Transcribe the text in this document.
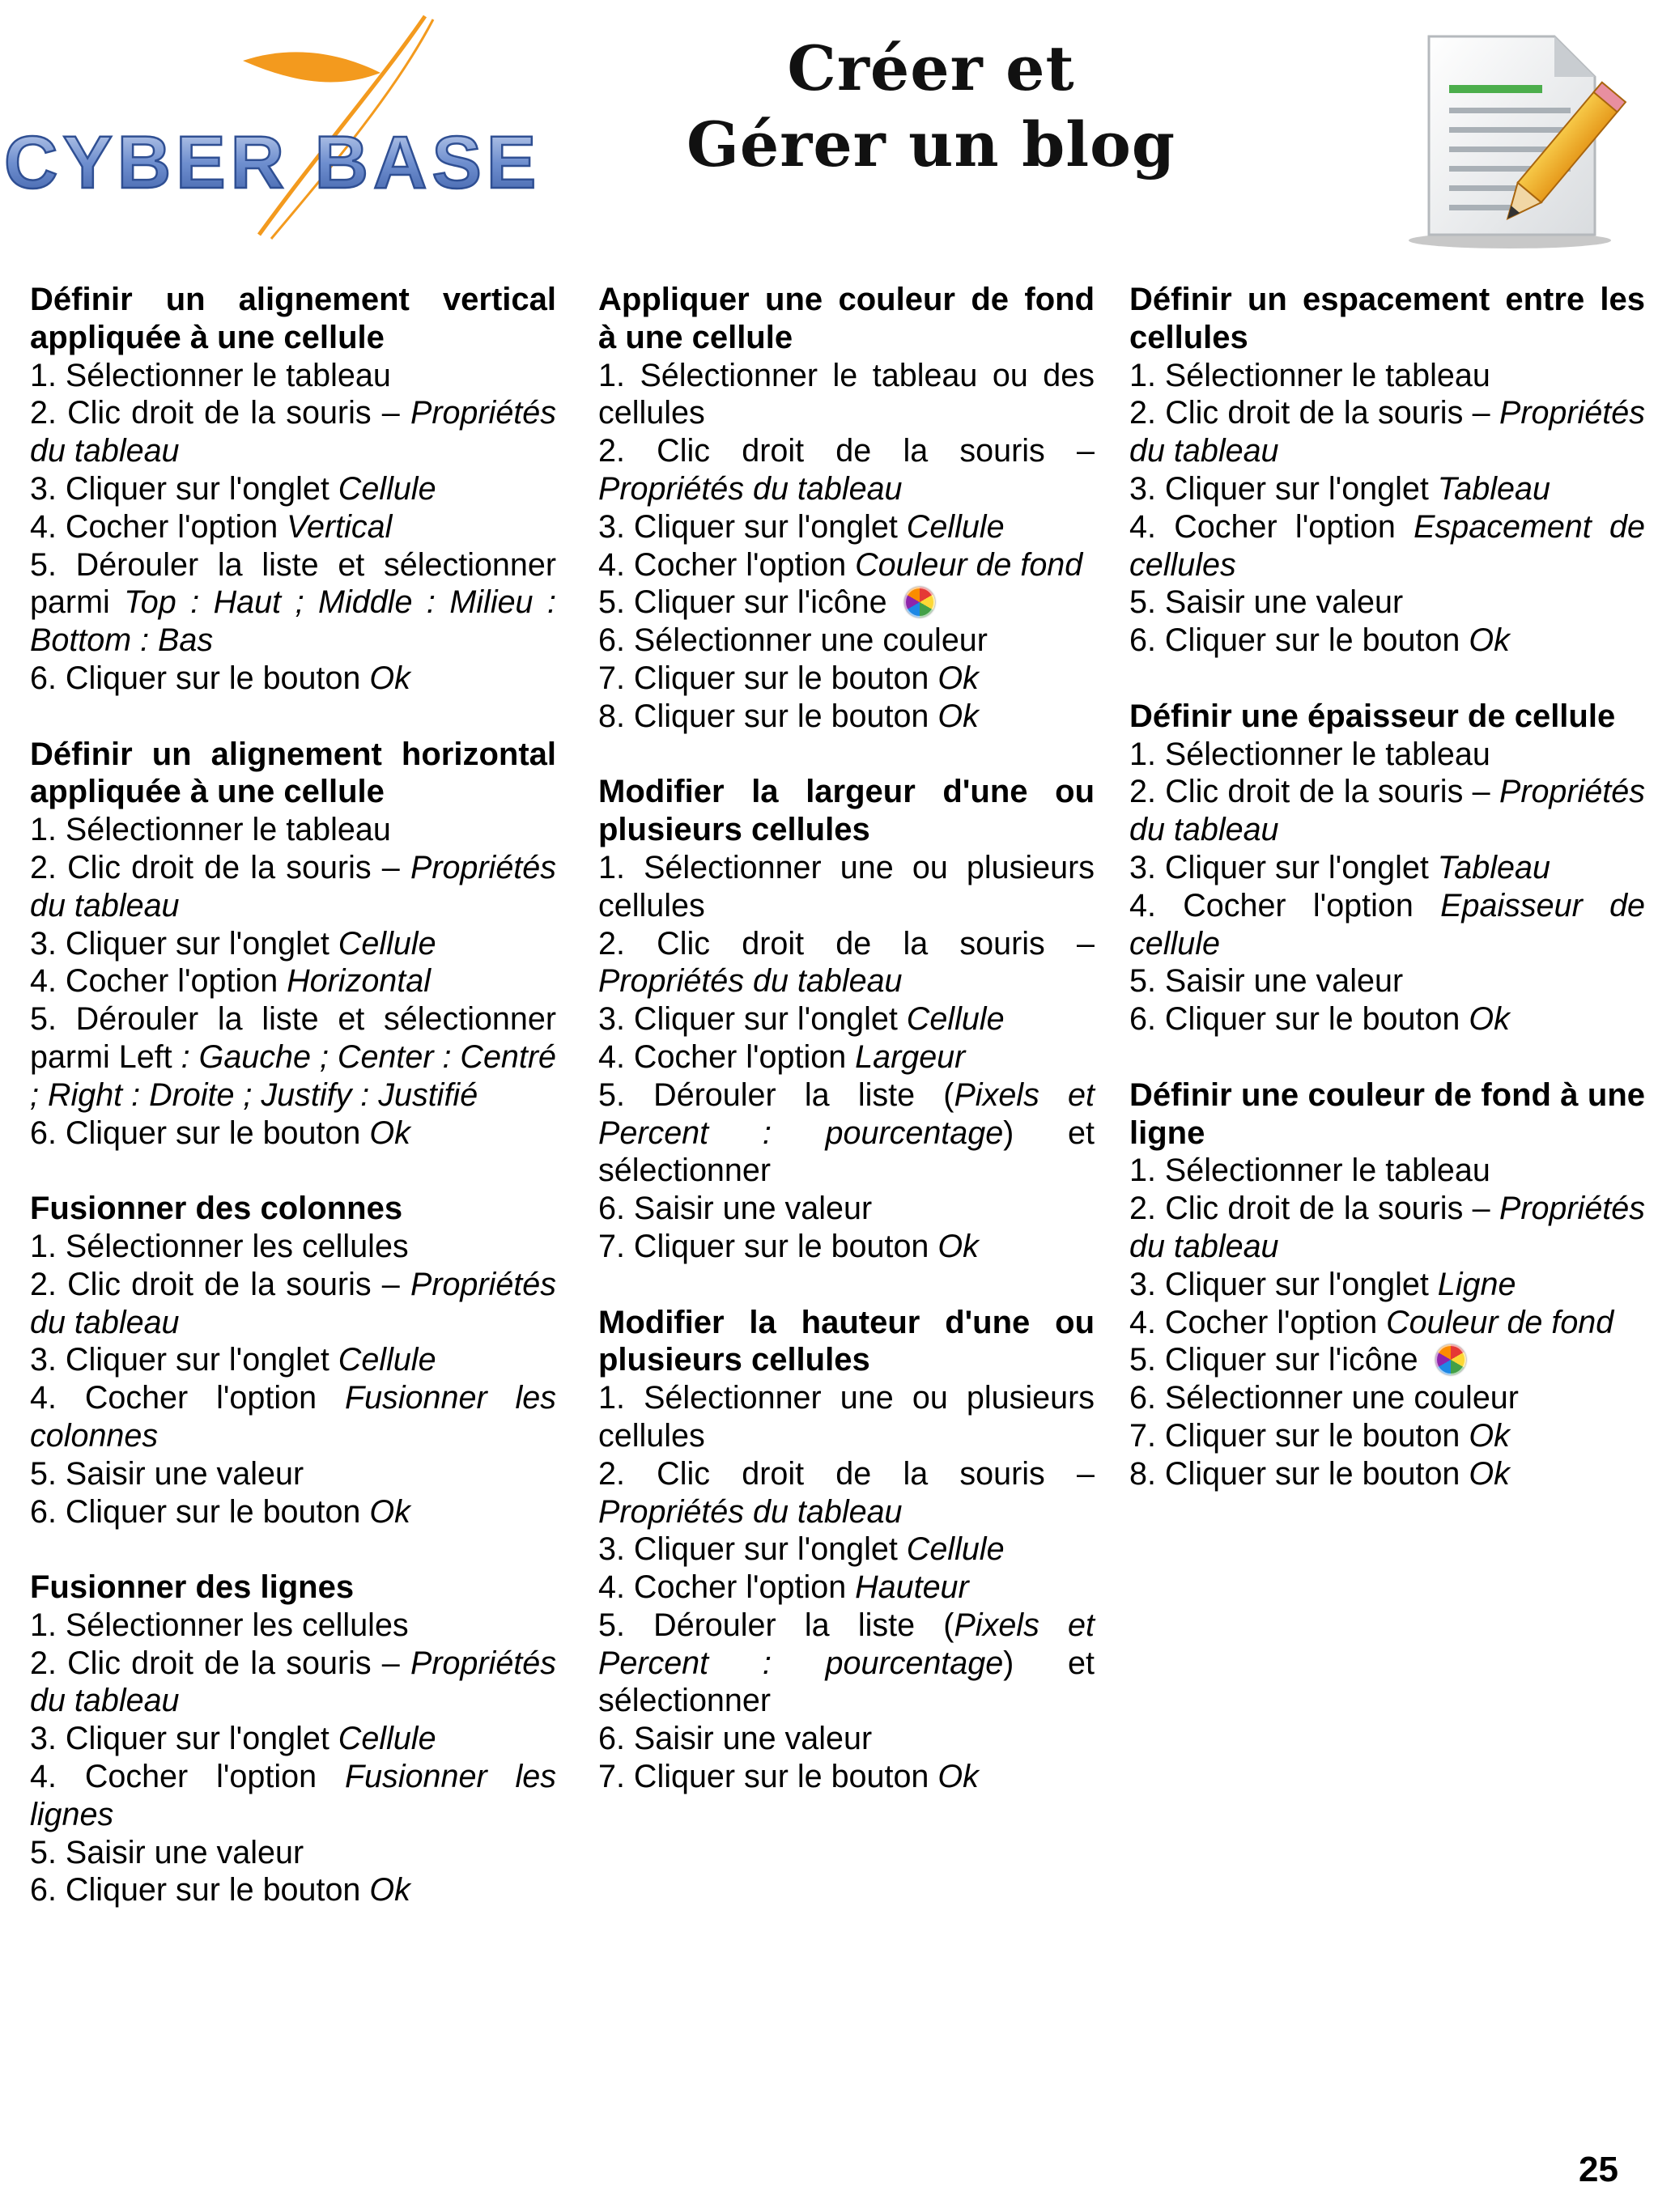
CYBER BASE
Créer et
Gérer un blog
Définir un alignement vertical appliquée à une cellule

1. Sélectionner le tableau

2. Clic droit de la souris – Propriétés du tableau

3. Cliquer sur l'onglet Cellule

4. Cocher l'option Vertical

5. Dérouler la liste et sélectionner parmi Top : Haut ; Middle : Milieu : Bottom : Bas

6. Cliquer sur le bouton Ok

Définir un alignement horizontal appliquée à une cellule

1. Sélectionner le tableau

2. Clic droit de la souris – Propriétés du tableau

3. Cliquer sur l'onglet Cellule

4. Cocher l'option Horizontal

5. Dérouler la liste et sélectionner parmi Left : Gauche ; Center : Centré ; Right : Droite ; Justify : Justifié

6. Cliquer sur le bouton Ok

Fusionner des colonnes

1. Sélectionner les cellules

2. Clic droit de la souris – Propriétés du tableau

3. Cliquer sur l'onglet Cellule

4. Cocher l'option Fusionner les colonnes

5. Saisir une valeur

6. Cliquer sur le bouton Ok

Fusionner des lignes

1. Sélectionner les cellules

2. Clic droit de la souris – Propriétés du tableau

3. Cliquer sur l'onglet Cellule

4. Cocher l'option Fusionner les lignes

5. Saisir une valeur

6. Cliquer sur le bouton Ok

Appliquer une couleur de fond à une cellule

1. Sélectionner le tableau ou des cellules

2. Clic droit de la souris – Propriétés du tableau

3. Cliquer sur l'onglet Cellule

4. Cocher l'option Couleur de fond

5. Cliquer sur l'icône

6. Sélectionner une couleur

7. Cliquer sur le bouton Ok

8. Cliquer sur le bouton Ok

Modifier la largeur d'une ou plusieurs cellules

1. Sélectionner une ou plusieurs cellules

2. Clic droit de la souris – Propriétés du tableau

3. Cliquer sur l'onglet Cellule

4. Cocher l'option Largeur

5. Dérouler la liste (Pixels et Percent : pourcentage) et sélectionner

6. Saisir une valeur

7. Cliquer sur le bouton Ok

Modifier la hauteur d'une ou plusieurs cellules

1. Sélectionner une ou plusieurs cellules

2. Clic droit de la souris – Propriétés du tableau

3. Cliquer sur l'onglet Cellule

4. Cocher l'option Hauteur

5. Dérouler la liste (Pixels et Percent : pourcentage) et sélectionner

6. Saisir une valeur

7. Cliquer sur le bouton Ok

Définir un espacement entre les cellules

1. Sélectionner le tableau

2. Clic droit de la souris – Propriétés du tableau

3. Cliquer sur l'onglet Tableau

4. Cocher l'option Espacement de cellules

5. Saisir une valeur

6. Cliquer sur le bouton Ok

Définir une épaisseur de cellule

1. Sélectionner le tableau

2. Clic droit de la souris – Propriétés du tableau

3. Cliquer sur l'onglet Tableau

4. Cocher l'option Epaisseur de cellule

5. Saisir une valeur

6. Cliquer sur le bouton Ok

Définir une couleur de fond à une ligne

1. Sélectionner le tableau

2. Clic droit de la souris – Propriétés du tableau

3. Cliquer sur l'onglet Ligne

4. Cocher l'option Couleur de fond

5. Cliquer sur l'icône

6. Sélectionner une couleur

7. Cliquer sur le bouton Ok

8. Cliquer sur le bouton Ok

25
